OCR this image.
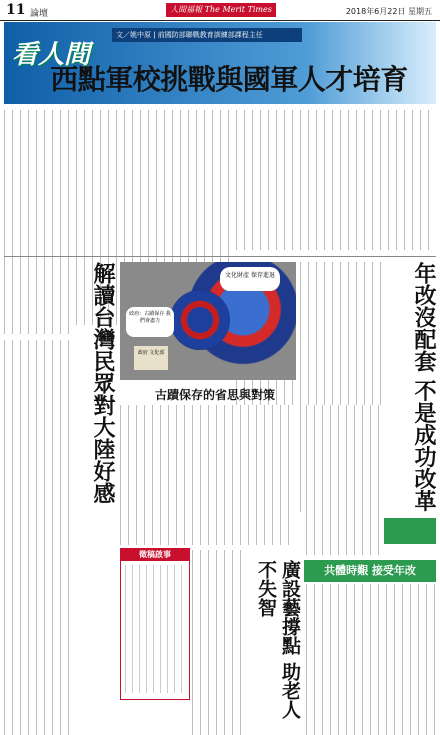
11 論壇	人間福報 The Merit Times	2018年6月22日 星期五
看人間
文／姚中原 | 前國防部聯戰教育訓練部課程主任
西點軍校挑戰與國軍人才培育
年改沒配套 不是成功改革
解讀台灣民眾對大陸好感	文化財產 保存進退
政府：古蹟保存 我們會盡力
政府 文化部
古蹟保存的省思與對策
徵稿啟事
廣設藝撐點 助老人不失智	共體時艱 接受年改
